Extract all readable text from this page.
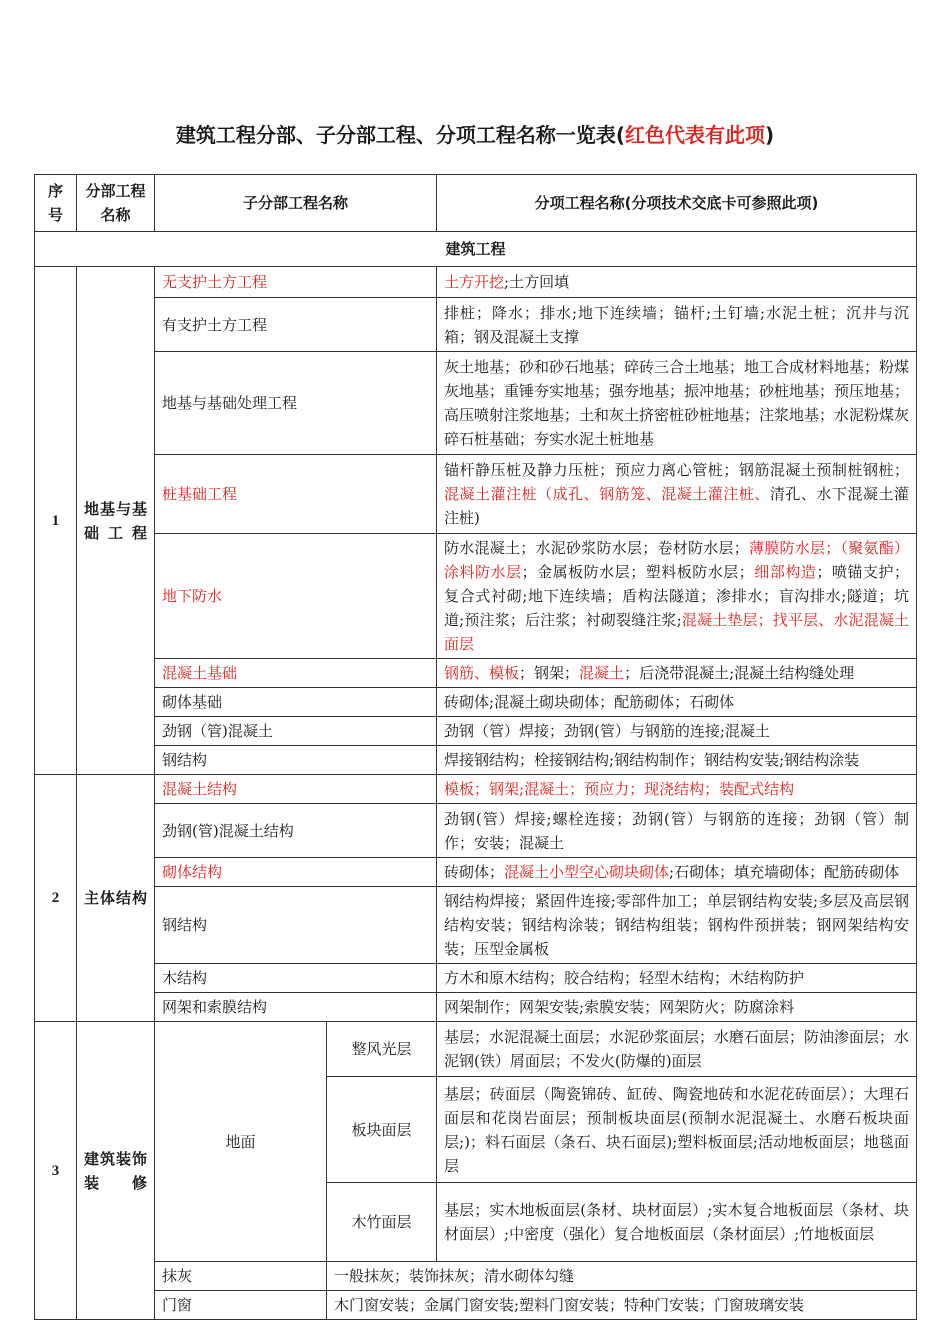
建筑工程分部、子分部工程、分项工程名称一览表(红色代表有此项)
序号	分部工程名称	子分部工程名称		分项工程名称(分项技术交底卡可参照此项)
建筑工程				
1	地基与基础工程	无支护土方工程		土方开挖;土方回填
		有支护土方工程		排桩；降水；排水;地下连续墙；锚杆;土钉墙;水泥土桩；沉井与沉箱；钢及混凝土支撑
		地基与基础处理工程		灰土地基；砂和砂石地基；碎砖三合土地基；地工合成材料地基；粉煤灰地基；重锤夯实地基；强夯地基；振冲地基；砂桩地基；预压地基；高压喷射注浆地基；土和灰土挤密桩砂桩地基；注浆地基；水泥粉煤灰碎石桩基础；夯实水泥土桩地基
		桩基础工程		锚杆静压桩及静力压桩；预应力离心管桩；钢筋混凝土预制桩钢桩；混凝土灌注桩（成孔、钢筋笼、混凝土灌注桩、清孔、水下混凝土灌注桩)
		地下防水		防水混凝土；水泥砂浆防水层；卷材防水层；薄膜防水层；（聚氨酯）涂料防水层；金属板防水层；塑料板防水层；细部构造；喷锚支护；复合式衬砌;地下连续墙；盾构法隧道；渗排水；盲沟排水;隧道；坑道;预注浆；后注浆；衬砌裂缝注浆;混凝土垫层；找平层、水泥混凝土面层
		混凝土基础		钢筋、模板；钢架；混凝土；后浇带混凝土;混凝土结构缝处理
		砌体基础		砖砌体;混凝土砌块砌体；配筋砌体；石砌体
		劲钢（管)混凝土		劲钢（管）焊接；劲钢(管）与钢筋的连接;混凝土
		钢结构		焊接钢结构；栓接钢结构;钢结构制作；钢结构安装;钢结构涂装
2	主体结构	混凝土结构		模板；钢架;混凝土；预应力；现浇结构；装配式结构
		劲钢(管)混凝土结构		劲钢(管）焊接;螺栓连接；劲钢(管）与钢筋的连接；劲钢（管）制作；安装；混凝土
		砌体结构		砖砌体；混凝土小型空心砌块砌体;石砌体；填充墙砌体；配筋砖砌体
		钢结构		钢结构焊接；紧固件连接;零部件加工；单层钢结构安装;多层及高层钢结构安装；钢结构涂装；钢结构组装；钢构件预拼装；钢网架结构安装；压型金属板
		木结构		方木和原木结构；胶合结构；轻型木结构；木结构防护
		网架和索膜结构		网架制作；网架安装;索膜安装；网架防火；防腐涂料
3	建筑装饰装修	地面	整风光层	基层；水泥混凝土面层；水泥砂浆面层；水磨石面层；防油渗面层；水泥钢(铁）屑面层；不发火(防爆的)面层
			板块面层	基层；砖面层（陶瓷锦砖、缸砖、陶瓷地砖和水泥花砖面层）；大理石面层和花岗岩面层；预制板块面层(预制水泥混凝土、水磨石板块面层;)；料石面层（条石、块石面层);塑料板面层;活动地板面层；地毯面层
			木竹面层	基层；实木地板面层(条材、块材面层）;实木复合地板面层（条材、块材面层）;中密度（强化）复合地板面层（条材面层）;竹地板面层
		抹灰	一般抹灰；装饰抹灰；清水砌体勾缝	
		门窗	木门窗安装；金属门窗安装;塑料门窗安装；特种门安装；门窗玻璃安装	
